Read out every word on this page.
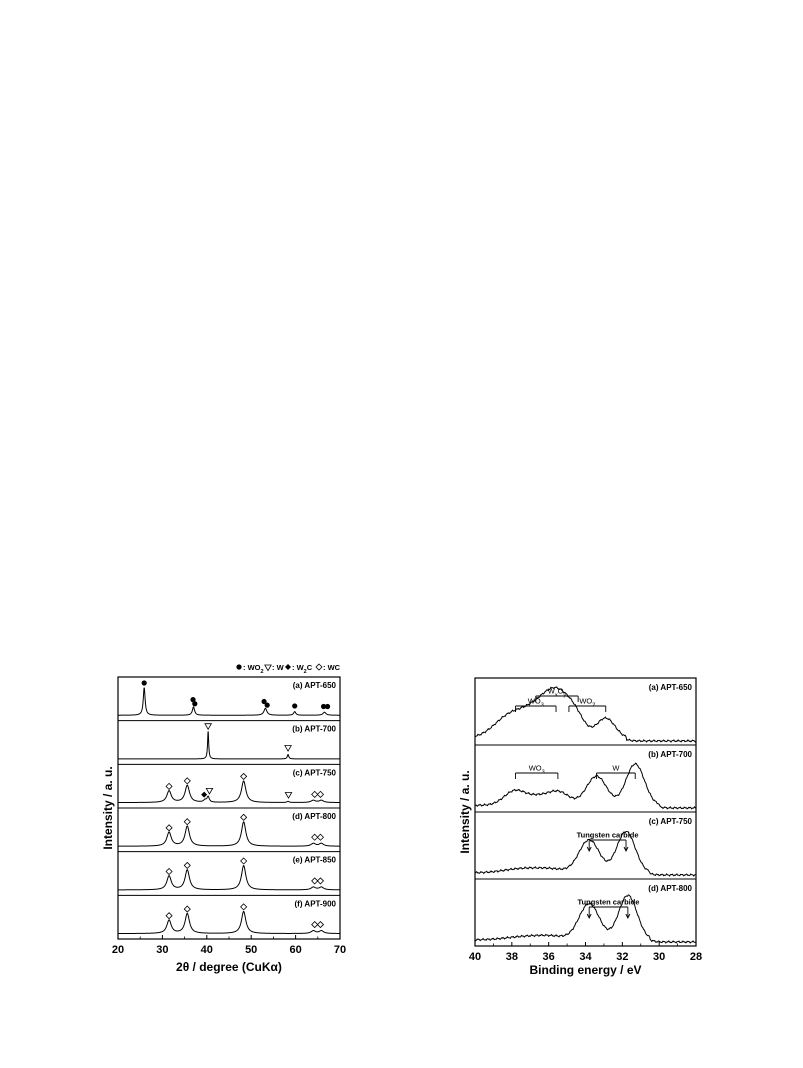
(a) APT-650
(b) APT-700
(c) APT-750
(d) APT-800
(e) APT-850
(f) APT-900
20	30	40	50	60	70
2θ / degree (CuKα)
Intensity / a. u.
: $WO_2$ : W : $W_2C$ : WC
(a) APT-650
$WO_3$
$W_xO_y$
$WO_2$
(b) APT-700
$WO_3$	W
(c) APT-750
Tungsten carbide
(d) APT-800
Tungsten carbide
40 38 36 34 32 30 28
Binding energy / eV
Intensity / a. u.
